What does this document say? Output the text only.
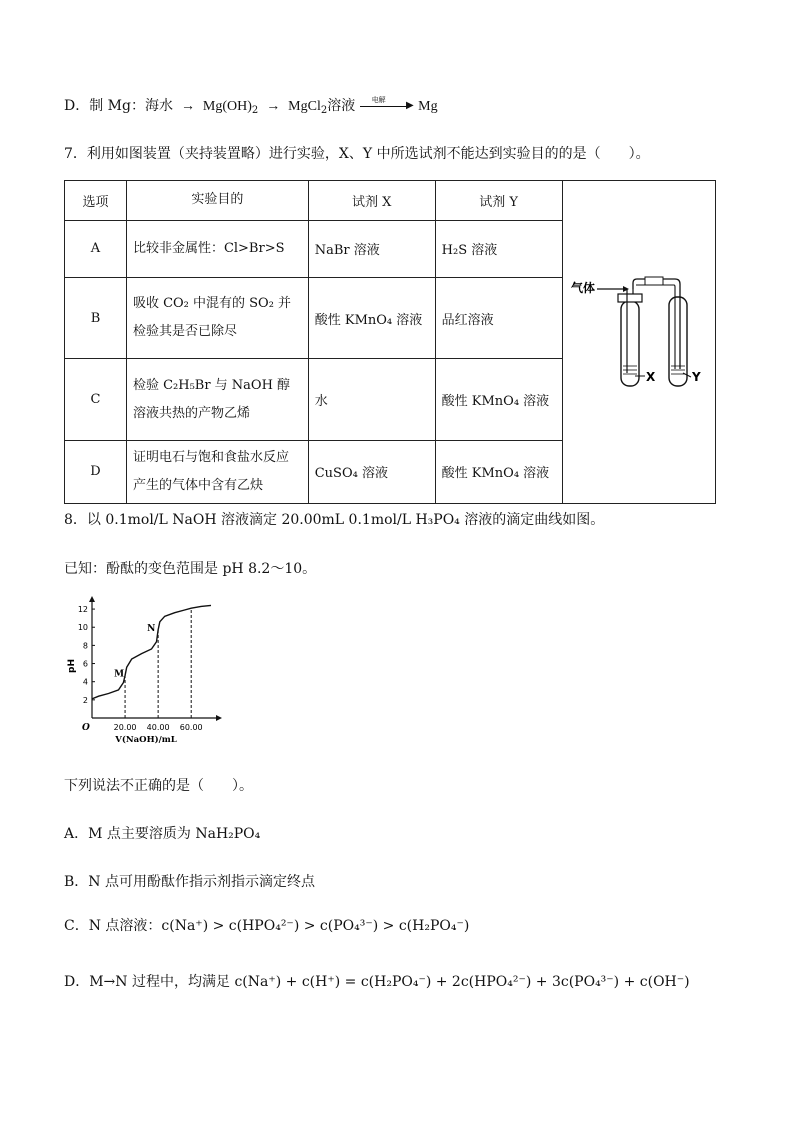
D．制 Mg：海水  →  $Mg(OH)_2$  →  MgCl$_2$溶液 电解 ▶ Mg
7．利用如图装置（夹持装置略）进行实验，X、Y 中所选试剂不能达到实验目的的是（　　）。
选项	实验目的	试剂 X	试剂 Y	气体
X Y

A	比较非金属性：Cl>Br>S	NaBr 溶液	H₂S 溶液	
B	吸收 CO₂ 中混有的 SO₂ 并检验其是否已除尽	酸性 KMnO₄ 溶液	品红溶液	
C	检验 C₂H₅Br 与 NaOH 醇溶液共热的产物乙烯	水	酸性 KMnO₄ 溶液	
D	证明电石与饱和食盐水反应产生的气体中含有乙炔	CuSO₄ 溶液	酸性 KMnO₄ 溶液	
8．以 0.1mol/L NaOH 溶液滴定 20.00mL 0.1mol/L H₃PO₄ 溶液的滴定曲线如图。
已知：酚酞的变色范围是 pH 8.2～10。
O
2
4
6
8
10
12
pH
20.00 40.00 60.00
V(NaOH)/mL
M
N
下列说法不正确的是（　　）。
A．M 点主要溶质为 NaH₂PO₄
B．N 点可用酚酞作指示剂指示滴定终点
C．N 点溶液：c(Na⁺) > c(HPO₄²⁻) > c(PO₄³⁻) > c(H₂PO₄⁻)
D．M→N 过程中，均满足 c(Na⁺) + c(H⁺) = c(H₂PO₄⁻) + 2c(HPO₄²⁻) + 3c(PO₄³⁻) + c(OH⁻)
